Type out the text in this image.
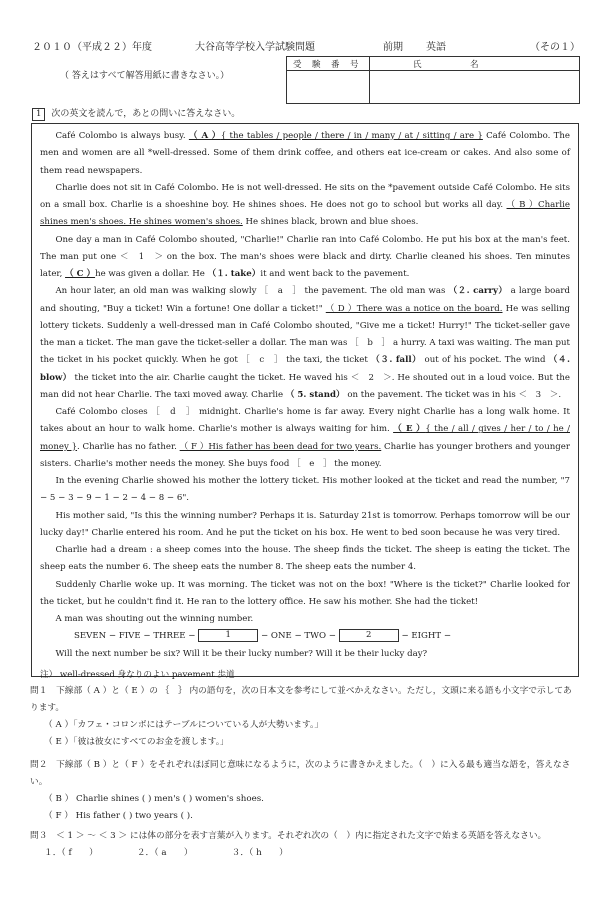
２０１０（平成２２）年度	大谷高等学校入学試験問題	前期 英語	（その１）
（ 答えはすべて解答用紙に書きなさい。）
受　験　番　号	氏　　　　　名
1 次の英文を読んで，あとの問いに答えなさい。

Café Colombo is always busy. （ A ）{ the tables / people / there / in / many / at / sitting / are } Café Colombo. The men and women are all *well-dressed. Some of them drink coffee, and others eat ice-cream or cakes. And also some of them read newspapers.

Charlie does not sit in Café Colombo. He is not well-dressed. He sits on the *pavement outside Café Colombo. He sits on a small box. Charlie is a shoeshine boy. He shines shoes. He does not go to school but works all day. （ B ）Charlie shines men's shoes. He shines women's shoes. He shines black, brown and blue shoes.

One day a man in Café Colombo shouted, "Charlie!" Charlie ran into Café Colombo. He put his box at the man's feet. The man put one ＜　1　＞ on the box. The man's shoes were black and dirty. Charlie cleaned his shoes. Ten minutes later, （ C ）he was given a dollar. He （１. take）it and went back to the pavement.

An hour later, an old man was walking slowly ［　a　］ the pavement. The old man was （２. carry） a large board and shouting, "Buy a ticket! Win a fortune! One dollar a ticket!" （ D ）There was a notice on the board. He was selling lottery tickets. Suddenly a well-dressed man in Café Colombo shouted, "Give me a ticket! Hurry!" The ticket-seller gave the man a ticket. The man gave the ticket-seller a dollar. The man was ［　b　］ a hurry. A taxi was waiting. The man put the ticket in his pocket quickly. When he got ［　c　］ the taxi, the ticket （３. fall） out of his pocket. The wind （４. blow） the ticket into the air. Charlie caught the ticket. He waved his ＜　2　＞. He shouted out in a loud voice. But the man did not hear Charlie. The taxi moved away. Charlie （ 5. stand） on the pavement. The ticket was in his ＜　3　＞.

Café Colombo closes ［　d　］ midnight. Charlie's home is far away. Every night Charlie has a long walk home. It takes about an hour to walk home. Charlie's mother is always waiting for him. （ E ）{ the / all / gives / her / to / he / money }. Charlie has no father. （ F ）His father has been dead for two years. Charlie has younger brothers and younger sisters. Charlie's mother needs the money. She buys food ［　e　］ the money.

In the evening Charlie showed his mother the lottery ticket. His mother looked at the ticket and read the number, "7 − 5 − 3 − 9 − 1 − 2 − 4 − 8 − 6".

His mother said, "Is this the winning number? Perhaps it is. Saturday 21st is tomorrow. Perhaps tomorrow will be our lucky day!" Charlie entered his room. And he put the ticket on his box. He went to bed soon because he was very tired.

Charlie had a dream : a sheep comes into the house. The sheep finds the ticket. The sheep is eating the ticket. The sheep eats the number 6. The sheep eats the number 8. The sheep eats the number 4.

Suddenly Charlie woke up. It was morning. The ticket was not on the box! "Where is the ticket?" Charlie looked for the ticket, but he couldn't find it. He ran to the lottery office. He saw his mother. She had the ticket!

A man was shouting out the winning number.

SEVEN − FIVE − THREE −	1	− ONE − TWO −	2	− EIGHT −

Will the next number be six? Will it be their lucky number? Will it be their lucky day?

注） well-dressed 身なりのよい pavement 歩道

問１　下線部（ A ）と（ E ）の ｛　｝ 内の語句を，次の日本文を参考にして並べかえなさい。ただし，文頭に来る語も小文字で示してあります。
（ A ）「カフェ・コロンボにはテーブルについている人が大勢います。」
（ E ）「彼は彼女にすべてのお金を渡します。」
問２　下線部（ B ）と（ F ）をそれぞれほぼ同じ意味になるように，次のように書きかえました。（　）に入る最も適当な語を，答えなさい。
（ B ） Charlie shines ( ) men's ( ) women's shoes.
（ F ） His father ( ) two years ( ).
問３　＜ 1 ＞ ～ ＜ 3 ＞ には体の部分を表す言葉が入ります。それぞれ次の（　）内に指定された文字で始まる英語を答えなさい。
１．（ f　　）　　　　　２．（ a　　）　　　　　３．（ h　　）
